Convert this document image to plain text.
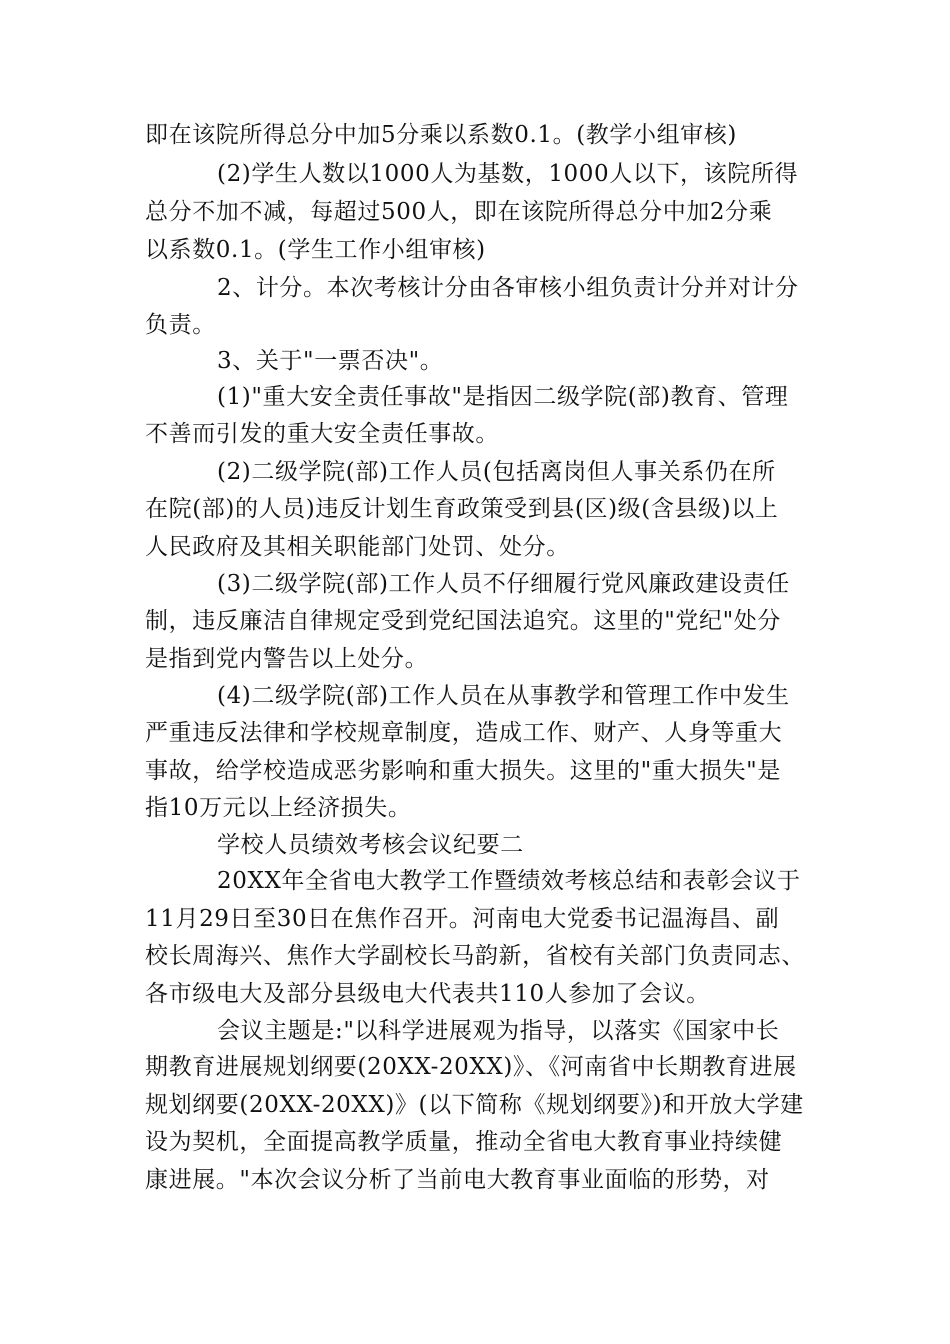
即在该院所得总分中加5分乘以系数0.1。(教学小组审核)
(2)学生人数以1000人为基数，1000人以下，该院所得
总分不加不减，每超过500人，即在该院所得总分中加2分乘
以系数0.1。(学生工作小组审核)
2、计分。本次考核计分由各审核小组负责计分并对计分
负责。
3、关于"一票否决"。
(1)"重大安全责任事故"是指因二级学院(部)教育、管理
不善而引发的重大安全责任事故。
(2)二级学院(部)工作人员(包括离岗但人事关系仍在所
在院(部)的人员)违反计划生育政策受到县(区)级(含县级)以上
人民政府及其相关职能部门处罚、处分。
(3)二级学院(部)工作人员不仔细履行党风廉政建设责任
制，违反廉洁自律规定受到党纪国法追究。这里的"党纪"处分
是指到党内警告以上处分。
(4)二级学院(部)工作人员在从事教学和管理工作中发生
严重违反法律和学校规章制度，造成工作、财产、人身等重大
事故，给学校造成恶劣影响和重大损失。这里的"重大损失"是
指10万元以上经济损失。
学校人员绩效考核会议纪要二
20XX年全省电大教学工作暨绩效考核总结和表彰会议于
11月29日至30日在焦作召开。河南电大党委书记温海昌、副
校长周海兴、焦作大学副校长马韵新，省校有关部门负责同志、
各市级电大及部分县级电大代表共110人参加了会议。
会议主题是:"以科学进展观为指导，以落实《国家中长
期教育进展规划纲要(20XX-20XX)》、《河南省中长期教育进展
规划纲要(20XX-20XX)》(以下简称《规划纲要》)和开放大学建
设为契机，全面提高教学质量，推动全省电大教育事业持续健
康进展。"本次会议分析了当前电大教育事业面临的形势，对
